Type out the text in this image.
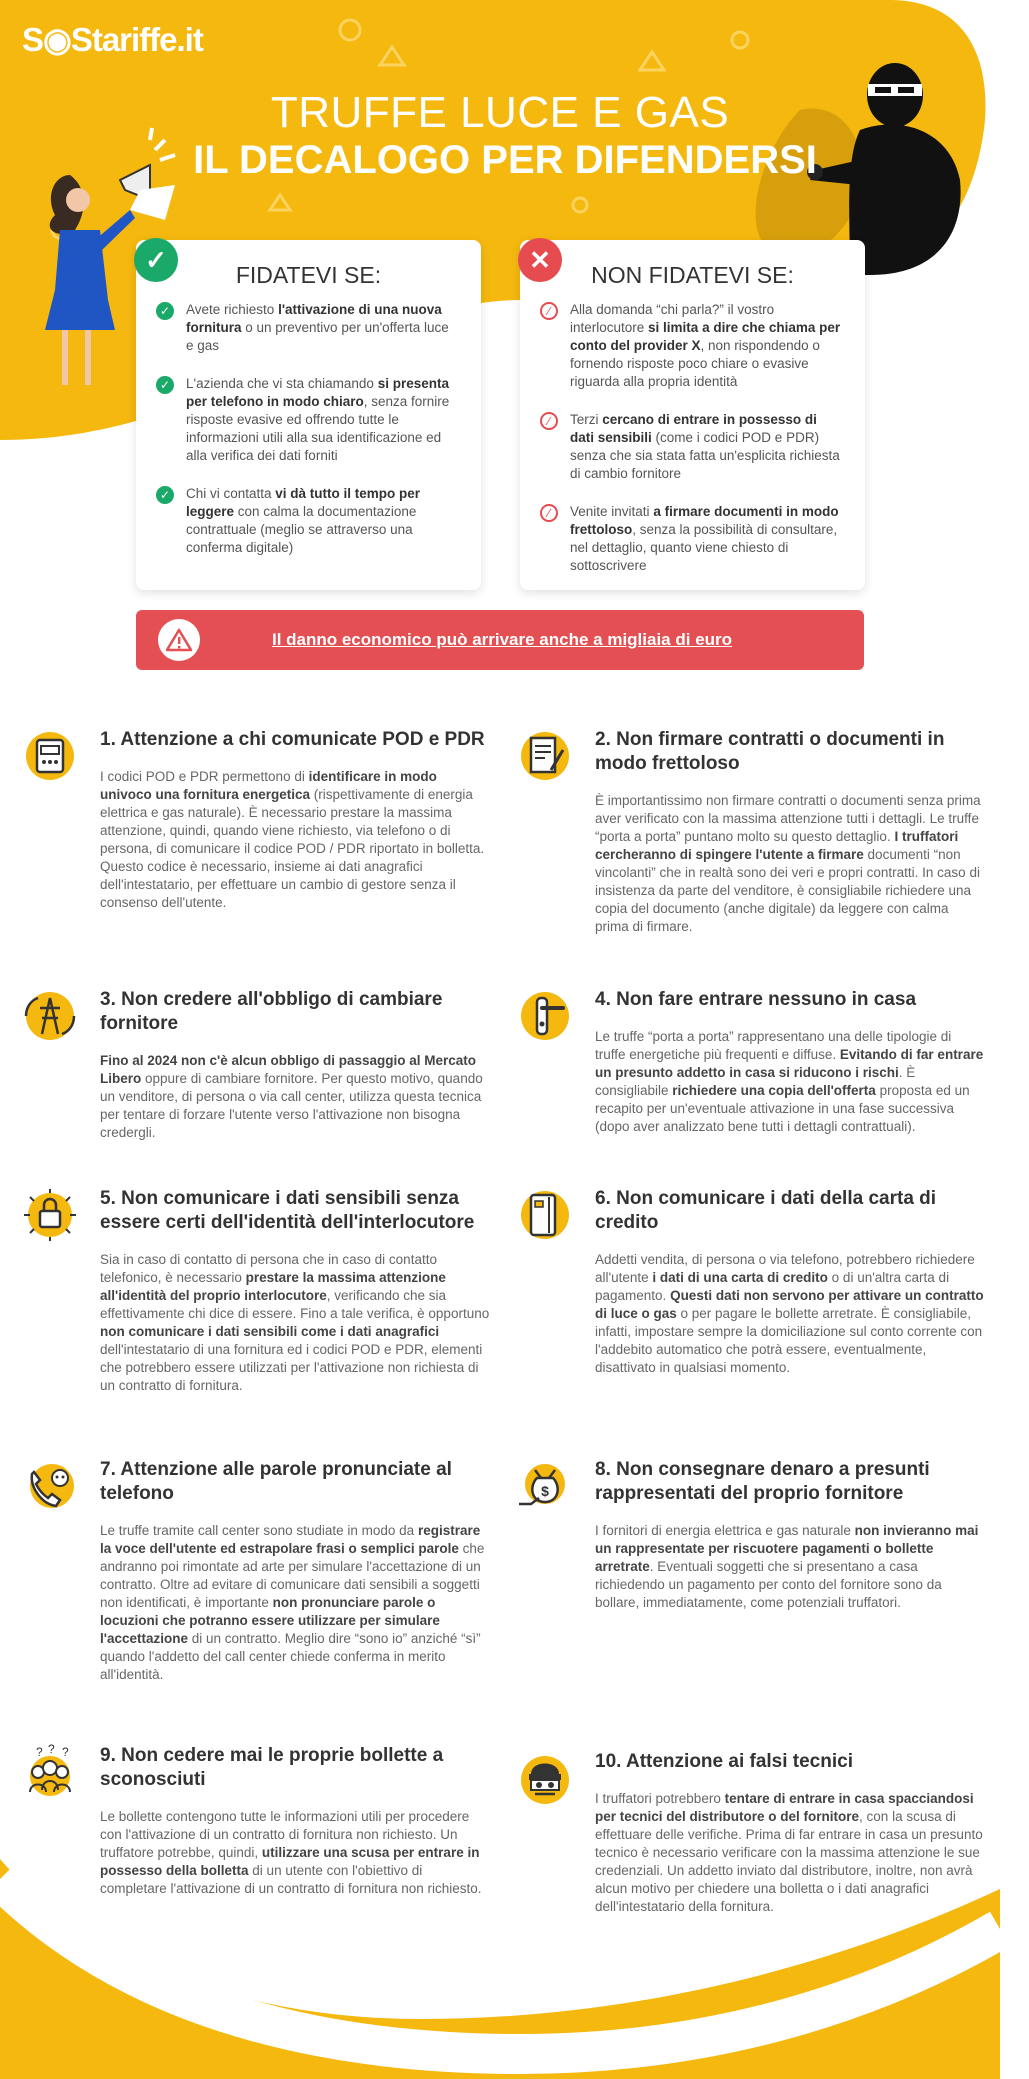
S◉Stariffe.it
TRUFFE LUCE E GAS
IL DECALOGO PER DIFENDERSI
✓
FIDATEVI SE:
✓ Avete richiesto l'attivazione di una nuova fornitura o un preventivo per un'offerta luce e gas
✓ L'azienda che vi sta chiamando si presenta per telefono in modo chiaro, senza fornire risposte evasive ed offrendo tutte le informazioni utili alla sua identificazione ed alla verifica dei dati forniti
✓ Chi vi contatta vi dà tutto il tempo per leggere con calma la documentazione contrattuale (meglio se attraverso una conferma digitale)
✕
NON FIDATEVI SE:
∕	Alla domanda “chi parla?” il vostro interlocutore si limita a dire che chiama per conto del provider X, non rispondendo o fornendo risposte poco chiare o evasive riguarda alla propria identità
∕	Terzi cercano di entrare in possesso di dati sensibili (come i codici POD e PDR) senza che sia stata fatta un'esplicita richiesta di cambio fornitore
∕	Venite invitati a firmare documenti in modo frettoloso, senza la possibilità di consultare, nel dettaglio, quanto viene chiesto di sottoscrivere
Il danno economico può arrivare anche a migliaia di euro
1. Attenzione a chi comunicate POD e PDR

I codici POD e PDR permettono di identificare in modo univoco una fornitura energetica (rispettivamente di energia elettrica e gas naturale). È necessario prestare la massima attenzione, quindi, quando viene richiesto, via telefono o di persona, di comunicare il codice POD / PDR riportato in bolletta. Questo codice è necessario, insieme ai dati anagrafici dell'intestatario, per effettuare un cambio di gestore senza il consenso dell'utente.

2. Non firmare contratti o documenti in modo frettoloso

È importantissimo non firmare contratti o documenti senza prima aver verificato con la massima attenzione tutti i dettagli. Le truffe “porta a porta” puntano molto su questo dettaglio. I truffatori cercheranno di spingere l'utente a firmare documenti “non vincolanti” che in realtà sono dei veri e propri contratti. In caso di insistenza da parte del venditore, è consigliabile richiedere una copia del documento (anche digitale) da leggere con calma prima di firmare.

3. Non credere all'obbligo di cambiare fornitore

Fino al 2024 non c'è alcun obbligo di passaggio al Mercato Libero oppure di cambiare fornitore. Per questo motivo, quando un venditore, di persona o via call center, utilizza questa tecnica per tentare di forzare l'utente verso l'attivazione non bisogna credergli.

4. Non fare entrare nessuno in casa

Le truffe “porta a porta” rappresentano una delle tipologie di truffe energetiche più frequenti e diffuse. Evitando di far entrare un presunto addetto in casa si riducono i rischi. È consigliabile richiedere una copia dell'offerta proposta ed un recapito per un'eventuale attivazione in una fase successiva (dopo aver analizzato bene tutti i dettagli contrattuali).

5. Non comunicare i dati sensibili senza essere certi dell'identità dell'interlocutore

Sia in caso di contatto di persona che in caso di contatto telefonico, è necessario prestare la massima attenzione all'identità del proprio interlocutore, verificando che sia effettivamente chi dice di essere. Fino a tale verifica, è opportuno non comunicare i dati sensibili come i dati anagrafici dell'intestatario di una fornitura ed i codici POD e PDR, elementi che potrebbero essere utilizzati per l'attivazione non richiesta di un contratto di fornitura.

6. Non comunicare i dati della carta di credito

Addetti vendita, di persona o via telefono, potrebbero richiedere all'utente i dati di una carta di credito o di un'altra carta di pagamento. Questi dati non servono per attivare un contratto di luce o gas o per pagare le bollette arretrate. È consigliabile, infatti, impostare sempre la domiciliazione sul conto corrente con l'addebito automatico che potrà essere, eventualmente, disattivato in qualsiasi momento.

7. Attenzione alle parole pronunciate al telefono

Le truffe tramite call center sono studiate in modo da registrare la voce dell'utente ed estrapolare frasi o semplici parole che andranno poi rimontate ad arte per simulare l'accettazione di un contratto. Oltre ad evitare di comunicare dati sensibili a soggetti non identificati, è importante non pronunciare parole o locuzioni che potranno essere utilizzare per simulare l'accettazione di un contratto. Meglio dire “sono io” anziché “sì” quando l'addetto del call center chiede conferma in merito all'identità.

$
8. Non consegnare denaro a presunti rappresentati del proprio fornitore

I fornitori di energia elettrica e gas naturale non invieranno mai un rappresentate per riscuotere pagamenti o bollette arretrate. Eventuali soggetti che si presentano a casa richiedendo un pagamento per conto del fornitore sono da bollare, immediatamente, come potenziali truffatori.

? ? ? 9. Non cedere mai le proprie bollette a sconosciuti

Le bollette contengono tutte le informazioni utili per procedere con l'attivazione di un contratto di fornitura non richiesto. Un truffatore potrebbe, quindi, utilizzare una scusa per entrare in possesso della bolletta di un utente con l'obiettivo di completare l'attivazione di un contratto di fornitura non richiesto.

10. Attenzione ai falsi tecnici

I truffatori potrebbero tentare di entrare in casa spacciandosi per tecnici del distributore o del fornitore, con la scusa di effettuare delle verifiche. Prima di far entrare in casa un presunto tecnico è necessario verificare con la massima attenzione le sue credenziali. Un addetto inviato dal distributore, inoltre, non avrà alcun motivo per chiedere una bolletta o i dati anagrafici dell'intestatario della fornitura.
